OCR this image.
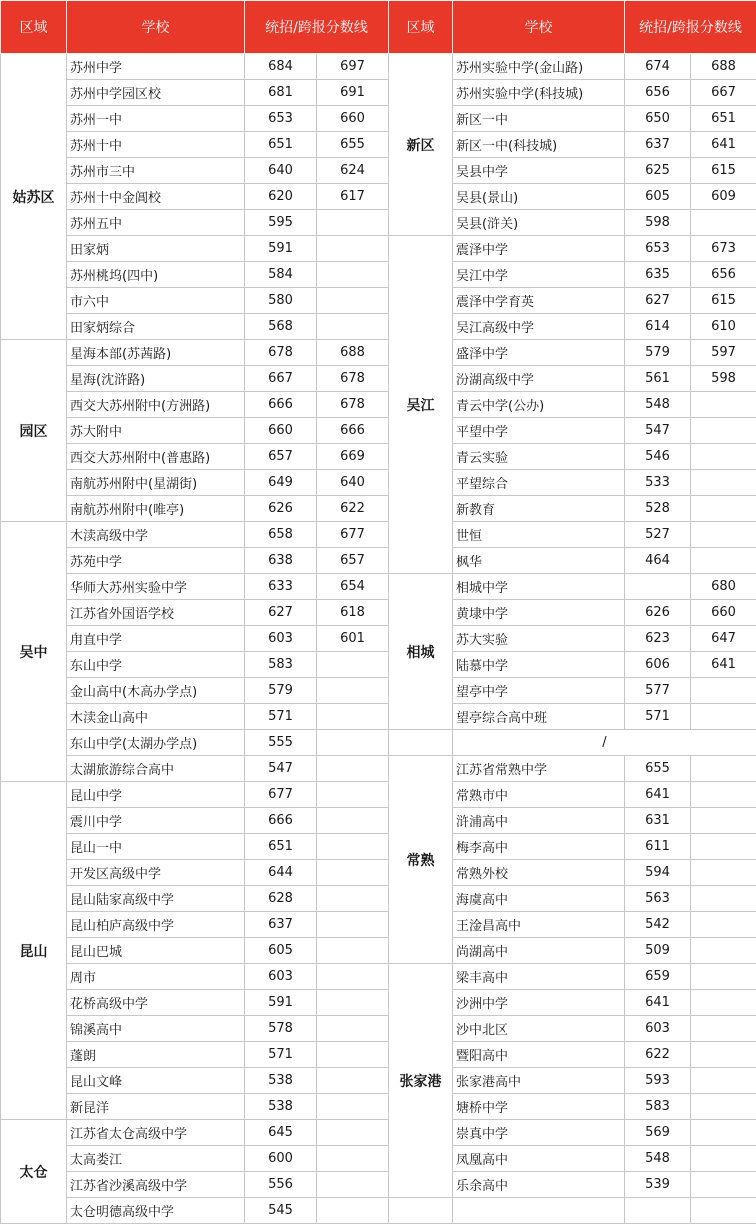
区域	学校	统招/跨报分数线		区域	学校	统招/跨报分数线	
姑苏区	苏州中学	684	697	新区	苏州实验中学(金山路)	674	688
	苏州中学园区校	681	691		苏州实验中学(科技城)	656	667
	苏州一中	653	660		新区一中	650	651
	苏州十中	651	655		新区一中(科技城)	637	641
	苏州市三中	640	624		吴县中学	625	615
	苏州十中金阊校	620	617		吴县(景山)	605	609
	苏州五中	595			吴县(浒关)	598	
	田家炳	591		吴江	震泽中学	653	673
	苏州桃坞(四中)	584			吴江中学	635	656
	市六中	580			震泽中学育英	627	615
	田家炳综合	568			吴江高级中学	614	610
园区	星海本部(苏茜路)	678	688		盛泽中学	579	597
	星海(沈浒路)	667	678		汾湖高级中学	561	598
	西交大苏州附中(方洲路)	666	678		青云中学(公办)	548	
	苏大附中	660	666		平望中学	547	
	西交大苏州附中(普惠路)	657	669		青云实验	546	
	南航苏州附中(星湖街)	649	640		平望综合	533	
	南航苏州附中(唯亭)	626	622		新教育	528	
吴中	木渎高级中学	658	677		世恒	527	
	苏苑中学	638	657		枫华	464	
	华师大苏州实验中学	633	654	相城	相城中学		680
	江苏省外国语学校	627	618		黄埭中学	626	660
	甪直中学	603	601		苏大实验	623	647
	东山中学	583			陆慕中学	606	641
	金山高中(木高办学点)	579			望亭中学	577	
	木渎金山高中	571			望亭综合高中班	571	
	东山中学(太湖办学点)	555			/		
	太湖旅游综合高中	547		常熟	江苏省常熟中学	655	
昆山	昆山中学	677			常熟市中	641	
	震川中学	666			浒浦高中	631	
	昆山一中	651			梅李高中	611	
	开发区高级中学	644			常熟外校	594	
	昆山陆家高级中学	628			海虞高中	563	
	昆山柏庐高级中学	637			王淦昌高中	542	
	昆山巴城	605			尚湖高中	509	
	周市	603		张家港	梁丰高中	659	
	花桥高级中学	591			沙洲中学	641	
	锦溪高中	578			沙中北区	603	
	蓬朗	571			暨阳高中	622	
	昆山文峰	538			张家港高中	593	
	新昆洋	538			塘桥中学	583	
太仓	江苏省太仓高级中学	645			崇真中学	569	
	太高娄江	600			凤凰高中	548	
	江苏省沙溪高级中学	556			乐余高中	539	
	太仓明德高级中学	545					
